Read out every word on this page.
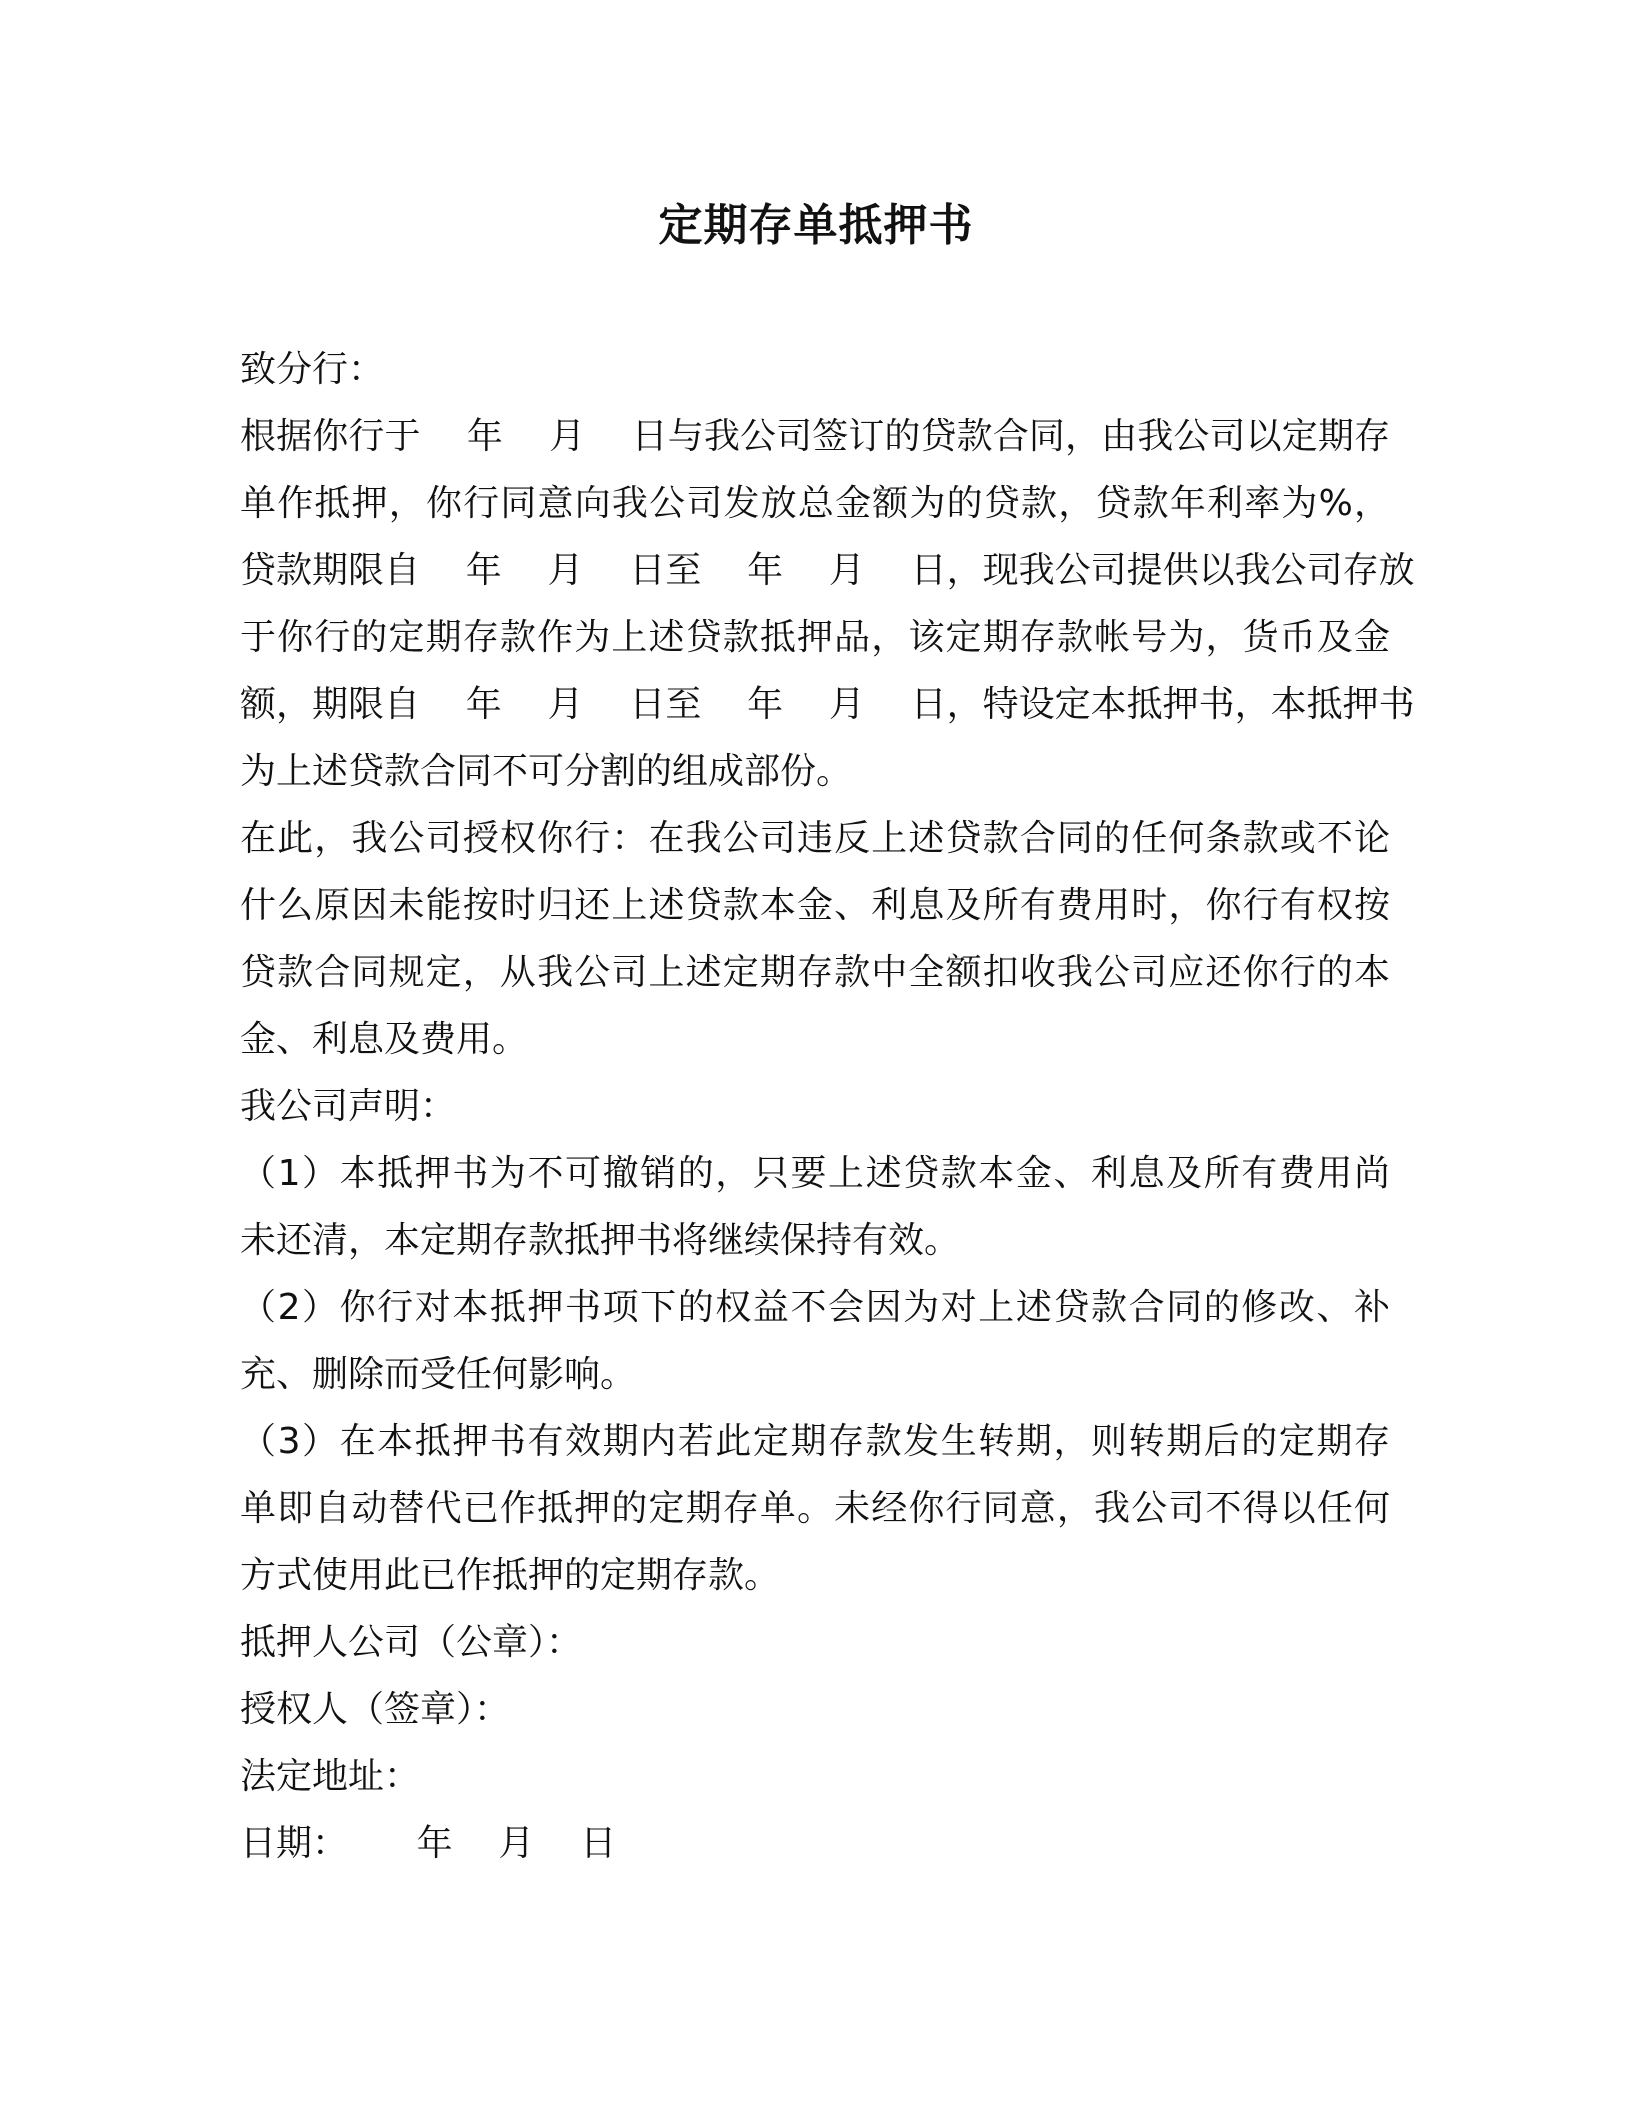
定期存单抵押书
致分行：
根据你行于    年    月    日与我公司签订的贷款合同，由我公司以定期存
单作抵押，你行同意向我公司发放总金额为的贷款，贷款年利率为%，
贷款期限自    年    月    日至    年    月    日，现我公司提供以我公司存放
于你行的定期存款作为上述贷款抵押品，该定期存款帐号为，货币及金
额，期限自    年    月    日至    年    月    日，特设定本抵押书，本抵押书
为上述贷款合同不可分割的组成部份。
在此，我公司授权你行：在我公司违反上述贷款合同的任何条款或不论
什么原因未能按时归还上述贷款本金、利息及所有费用时，你行有权按
贷款合同规定，从我公司上述定期存款中全额扣收我公司应还你行的本
金、利息及费用。
我公司声明：
（1）本抵押书为不可撤销的，只要上述贷款本金、利息及所有费用尚
未还清，本定期存款抵押书将继续保持有效。
（2）你行对本抵押书项下的权益不会因为对上述贷款合同的修改、补
充、删除而受任何影响。
（3）在本抵押书有效期内若此定期存款发生转期，则转期后的定期存
单即自动替代已作抵押的定期存单。未经你行同意，我公司不得以任何
方式使用此已作抵押的定期存款。
抵押人公司（公章）：
授权人（签章）：
法定地址：
日期：      年    月    日
